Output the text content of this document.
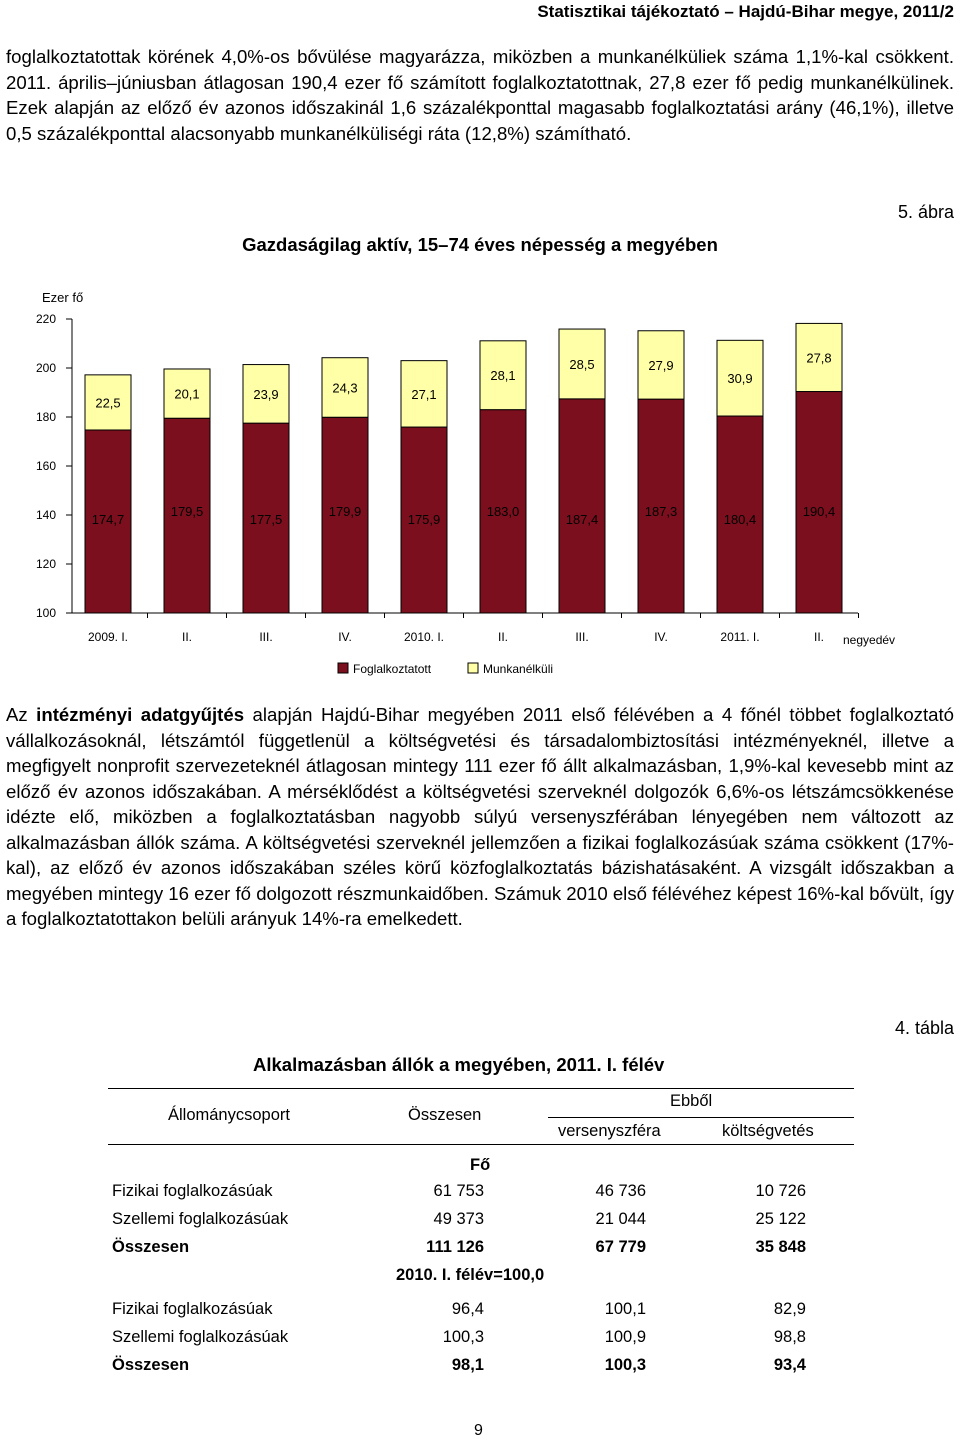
Statisztikai tájékoztató – Hajdú-Bihar megye, 2011/2
foglalkoztatottak körének 4,0%-os bővülése magyarázza, miközben a munkanélküliek száma 1,1%-kal csökkent. 2011. április–júniusban átlagosan 190,4 ezer fő számított foglalkoztatottnak, 27,8 ezer fő pedig munkanélkülinek. Ezek alapján az előző év azonos időszakinál 1,6 százalékponttal magasabb foglalkoztatási arány (46,1%), illetve 0,5 százalékponttal alacsonyabb munkanélküliségi ráta (12,8%) számítható.
5. ábra
Gazdaságilag aktív, 15–74 éves népesség a megyében
Ezer fő
100
120
140
160
180
200
220
22,5
174,7
20,1
179,5
23,9
177,5
24,3
179,9
27,1
175,9
28,1
183,0
28,5
187,4
27,9
187,3
30,9
180,4
27,8
190,4
2009. I.	II.	III.	IV.	2010. I.	II.	III.	IV.	2011. I.	II. negyedév
Foglalkoztatott	Munkanélküli
Az intézményi adatgyűjtés alapján Hajdú-Bihar megyében 2011 első félévében a 4 főnél többet foglalkoztató vállalkozásoknál, létszámtól függetlenül a költségvetési és társadalombiztosítási intézményeknél, illetve a megfigyelt nonprofit szervezeteknél átlagosan mintegy 111 ezer fő állt alkalmazásban, 1,9%-kal kevesebb mint az előző év azonos időszakában. A mérséklődést a költségvetési szerveknél dolgozók 6,6%-os létszámcsökkenése idézte elő, miközben a foglalkoztatásban nagyobb súlyú versenyszférában lényegében nem változott az alkalmazásban állók száma. A költségvetési szerveknél jellemzően a fizikai foglalkozásúak száma csökkent (17%-kal), az előző év azonos időszakában széles körű közfoglalkoztatás bázishatásaként. A vizsgált időszakban a megyében mintegy 16 ezer fő dolgozott részmunkaidőben. Számuk 2010 első félévéhez képest 16%-kal bővült, így a foglalkoztatottakon belüli arányuk 14%-ra emelkedett.
4. tábla
Alkalmazásban állók a megyében, 2011. I. félév
Állománycsoport	Összesen
Ebből
versenyszféra	költségvetés
Fő
Fizikai foglalkozásúak	61 753	46 736	10 726
Szellemi foglalkozásúak	49 373	21 044	25 122
Összesen	111 126	67 779	35 848
2010. I. félév=100,0
Fizikai foglalkozásúak	96,4	100,1	82,9
Szellemi foglalkozásúak	100,3	100,9	98,8
Összesen	98,1	100,3	93,4
9
